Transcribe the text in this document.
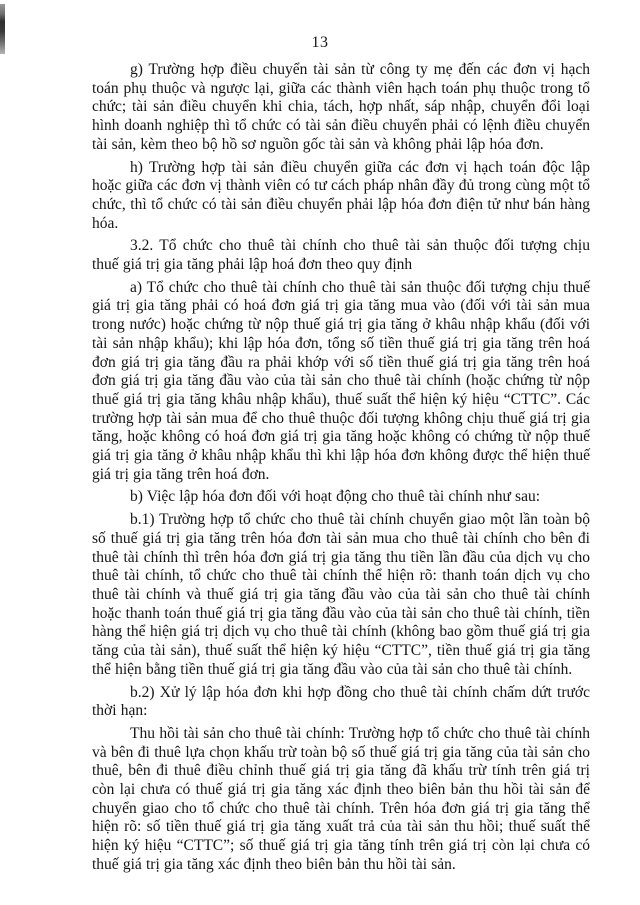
13

g) Trường hợp điều chuyển tài sản từ công ty mẹ đến các đơn vị hạch toán phụ thuộc và ngược lại, giữa các thành viên hạch toán phụ thuộc trong tổ chức; tài sản điều chuyển khi chia, tách, hợp nhất, sáp nhập, chuyển đổi loại hình doanh nghiệp thì tổ chức có tài sản điều chuyển phải có lệnh điều chuyển tài sản, kèm theo bộ hồ sơ nguồn gốc tài sản và không phải lập hóa đơn.

h) Trường hợp tài sản điều chuyển giữa các đơn vị hạch toán độc lập hoặc giữa các đơn vị thành viên có tư cách pháp nhân đầy đủ trong cùng một tổ chức, thì tổ chức có tài sản điều chuyển phải lập hóa đơn điện tử như bán hàng hóa.

3.2. Tổ chức cho thuê tài chính cho thuê tài sản thuộc đối tượng chịu thuế giá trị gia tăng phải lập hoá đơn theo quy định

a) Tổ chức cho thuê tài chính cho thuê tài sản thuộc đối tượng chịu thuế giá trị gia tăng phải có hoá đơn giá trị gia tăng mua vào (đối với tài sản mua trong nước) hoặc chứng từ nộp thuế giá trị gia tăng ở khâu nhập khẩu (đối với tài sản nhập khẩu); khi lập hóa đơn, tổng số tiền thuế giá trị gia tăng trên hoá đơn giá trị gia tăng đầu ra phải khớp với số tiền thuế giá trị gia tăng trên hoá đơn giá trị gia tăng đầu vào của tài sản cho thuê tài chính (hoặc chứng từ nộp thuế giá trị gia tăng khâu nhập khẩu), thuế suất thể hiện ký hiệu “CTTC”. Các trường hợp tài sản mua để cho thuê thuộc đối tượng không chịu thuế giá trị gia tăng, hoặc không có hoá đơn giá trị gia tăng hoặc không có chứng từ nộp thuế giá trị gia tăng ở khâu nhập khẩu thì khi lập hóa đơn không được thể hiện thuế giá trị gia tăng trên hoá đơn.

b) Việc lập hóa đơn đối với hoạt động cho thuê tài chính như sau:

b.1) Trường hợp tổ chức cho thuê tài chính chuyển giao một lần toàn bộ số thuế giá trị gia tăng trên hóa đơn tài sản mua cho thuê tài chính cho bên đi thuê tài chính thì trên hóa đơn giá trị gia tăng thu tiền lần đầu của dịch vụ cho thuê tài chính, tổ chức cho thuê tài chính thể hiện rõ: thanh toán dịch vụ cho thuê tài chính và thuế giá trị gia tăng đầu vào của tài sản cho thuê tài chính hoặc thanh toán thuế giá trị gia tăng đầu vào của tài sản cho thuê tài chính, tiền hàng thể hiện giá trị dịch vụ cho thuê tài chính (không bao gồm thuế giá trị gia tăng của tài sản), thuế suất thể hiện ký hiệu “CTTC”, tiền thuế giá trị gia tăng thể hiện bằng tiền thuế giá trị gia tăng đầu vào của tài sản cho thuê tài chính.

b.2) Xử lý lập hóa đơn khi hợp đồng cho thuê tài chính chấm dứt trước thời hạn:

Thu hồi tài sản cho thuê tài chính: Trường hợp tổ chức cho thuê tài chính và bên đi thuê lựa chọn khấu trừ toàn bộ số thuế giá trị gia tăng của tài sản cho thuê, bên đi thuê điều chỉnh thuế giá trị gia tăng đã khấu trừ tính trên giá trị còn lại chưa có thuế giá trị gia tăng xác định theo biên bản thu hồi tài sản để chuyển giao cho tổ chức cho thuê tài chính. Trên hóa đơn giá trị gia tăng thể hiện rõ: số tiền thuế giá trị gia tăng xuất trả của tài sản thu hồi; thuế suất thể hiện ký hiệu “CTTC”; số thuế giá trị gia tăng tính trên giá trị còn lại chưa có thuế giá trị gia tăng xác định theo biên bản thu hồi tài sản.
